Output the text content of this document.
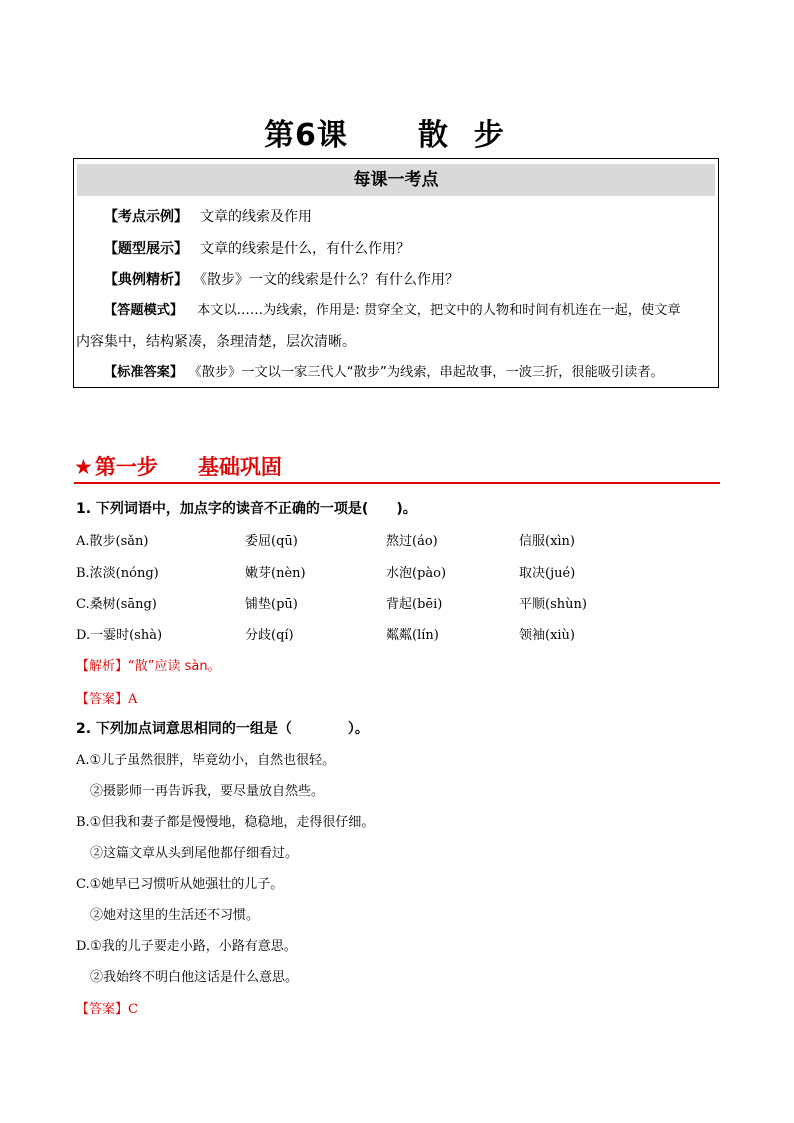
第6课 散步
每课一考点
【考点示例】 文章的线索及作用
【题型展示】 文章的线索是什么，有什么作用？
【典例精析】 《散步》一文的线索是什么？有什么作用？
【答题模式】 本文以……为线索，作用是: 贯穿全文，把文中的人物和时间有机连在一起，使文章
内容集中，结构紧凑，条理清楚，层次清晰。
【标准答案】 《散步》一文以一家三代人“散步”为线索，串起故事，一波三折，很能吸引读者。
★第一步 基础巩固
1. 下列词语中，加点字的读音不正确的一项是(　　)。
A.散步(sǎn)	委屈(qū)	熬过(áo)	信服(xìn)
B.浓淡(nóng)	嫩芽(nèn)	水泡(pào)	取决(jué)
C.桑树(sāng)	铺垫(pū)	背起(bēi)	平顺(shùn)
D.一霎时(shà)	分歧(qí)	粼粼(lín)	领袖(xiù)
【解析】“散”应读 sàn。
【答案】A
2. 下列加点词意思相同的一组是（　　　　）。
A.①儿子虽然很胖，毕竟幼小，自然也很轻。
②摄影师一再告诉我，要尽量放自然些。
B.①但我和妻子都是慢慢地，稳稳地，走得很仔细。
②这篇文章从头到尾他都仔细看过。
C.①她早已习惯听从她强壮的儿子。
②她对这里的生活还不习惯。
D.①我的儿子要走小路，小路有意思。
②我始终不明白他这话是什么意思。
【答案】C
